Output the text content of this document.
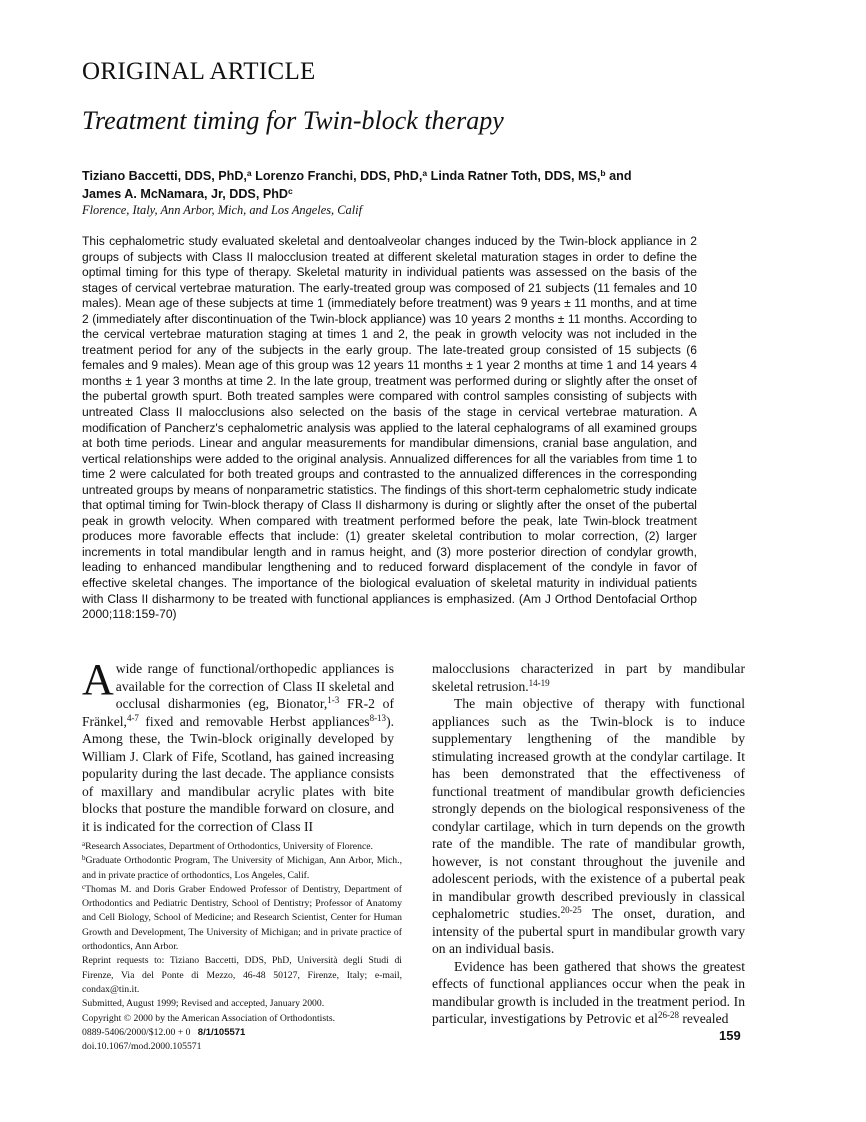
ORIGINAL ARTICLE
Treatment timing for Twin-block therapy
Tiziano Baccetti, DDS, PhD,$^a$ Lorenzo Franchi, DDS, PhD,$^a$ Linda Ratner Toth, DDS, MS,$^b$ and
James A. McNamara, Jr, DDS, PhD$^c$
Florence, Italy, Ann Arbor, Mich, and Los Angeles, Calif
This cephalometric study evaluated skeletal and dentoalveolar changes induced by the Twin-block appliance in 2 groups of subjects with Class II malocclusion treated at different skeletal maturation stages in order to define the optimal timing for this type of therapy. Skeletal maturity in individual patients was assessed on the basis of the stages of cervical vertebrae maturation. The early-treated group was composed of 21 subjects (11 females and 10 males). Mean age of these subjects at time 1 (immediately before treatment) was 9 years ± 11 months, and at time 2 (immediately after discontinuation of the Twin-block appliance) was 10 years 2 months ± 11 months. According to the cervical vertebrae maturation staging at times 1 and 2, the peak in growth velocity was not included in the treatment period for any of the subjects in the early group. The late-treated group consisted of 15 subjects (6 females and 9 males). Mean age of this group was 12 years 11 months ± 1 year 2 months at time 1 and 14 years 4 months ± 1 year 3 months at time 2. In the late group, treatment was performed during or slightly after the onset of the pubertal growth spurt. Both treated samples were compared with control samples consisting of subjects with untreated Class II malocclusions also selected on the basis of the stage in cervical vertebrae maturation. A modification of Pancherz's cephalometric analysis was applied to the lateral cephalograms of all examined groups at both time periods. Linear and angular measurements for mandibular dimensions, cranial base angulation, and vertical relationships were added to the original analysis. Annualized differences for all the variables from time 1 to time 2 were calculated for both treated groups and contrasted to the annualized differences in the corresponding untreated groups by means of nonparametric statistics. The findings of this short-term cephalometric study indicate that optimal timing for Twin-block therapy of Class II disharmony is during or slightly after the onset of the pubertal peak in growth velocity. When compared with treatment performed before the peak, late Twin-block treatment produces more favorable effects that include: (1) greater skeletal contribution to molar correction, (2) larger increments in total mandibular length and in ramus height, and (3) more posterior direction of condylar growth, leading to enhanced mandibular lengthening and to reduced forward displacement of the condyle in favor of effective skeletal changes. The importance of the biological evaluation of skeletal maturity in individual patients with Class II disharmony to be treated with functional appliances is emphasized. (Am J Orthod Dentofacial Orthop 2000;118:159-70)

Awide range of functional/orthopedic appliances is available for the correction of Class II skeletal and occlusal disharmonies (eg, Bionator,$^{1-3}$ FR-2 of Fränkel,$^{4-7}$ fixed and removable Herbst appliances$^{8-13}$). Among these, the Twin-block originally developed by William J. Clark of Fife, Scotland, has gained increasing popularity during the last decade. The appliance consists of maxillary and mandibular acrylic plates with bite blocks that posture the mandible forward on closure, and it is indicated for the correction of Class II

$^a$Research Associates, Department of Orthodontics, University of Florence.
$^b$Graduate Orthodontic Program, The University of Michigan, Ann Arbor, Mich., and in private practice of orthodontics, Los Angeles, Calif.
$^c$Thomas M. and Doris Graber Endowed Professor of Dentistry, Department of Orthodontics and Pediatric Dentistry, School of Dentistry; Professor of Anatomy and Cell Biology, School of Medicine; and Research Scientist, Center for Human Growth and Development, The University of Michigan; and in private practice of orthodontics, Ann Arbor.
Reprint requests to: Tiziano Baccetti, DDS, PhD, Università degli Studi di Firenze, Via del Ponte di Mezzo, 46-48 50127, Firenze, Italy; e-mail, condax@tin.it.
Submitted, August 1999; Revised and accepted, January 2000.
Copyright © 2000 by the American Association of Orthodontists.
0889-5406/2000/$12.00 + 0 8/1/105571
doi.10.1067/mod.2000.105571

malocclusions characterized in part by mandibular skeletal retrusion.$^{14-19}$

The main objective of therapy with functional appliances such as the Twin-block is to induce supplementary lengthening of the mandible by stimulating increased growth at the condylar cartilage. It has been demonstrated that the effectiveness of functional treatment of mandibular growth deficiencies strongly depends on the biological responsiveness of the condylar cartilage, which in turn depends on the growth rate of the mandible. The rate of mandibular growth, however, is not constant throughout the juvenile and adolescent periods, with the existence of a pubertal peak in mandibular growth described previously in classical cephalometric studies.$^{20-25}$ The onset, duration, and intensity of the pubertal spurt in mandibular growth vary on an individual basis.

Evidence has been gathered that shows the greatest effects of functional appliances occur when the peak in mandibular growth is included in the treatment period. In particular, investigations by Petrovic et $al^{26-28}$ revealed

159
